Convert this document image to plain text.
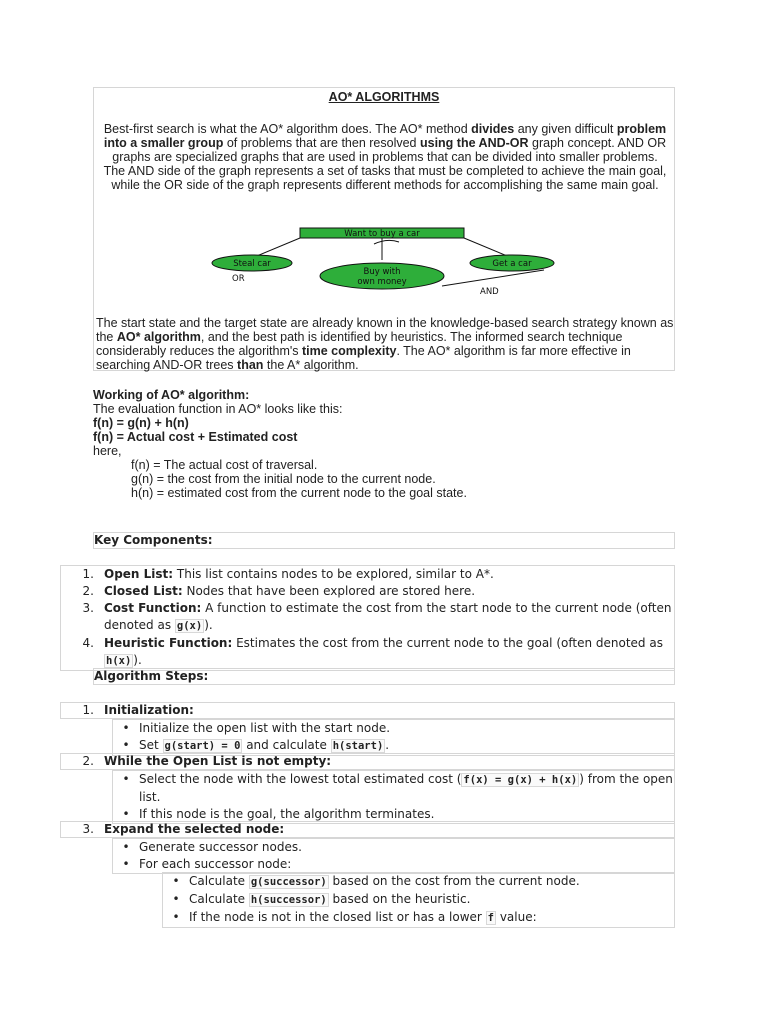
AO* ALGORITHMS
Best-first search is what the AO* algorithm does. The AO* method divides any given difficult problem into a smaller group of problems that are then resolved using the AND-OR graph concept. AND OR graphs are specialized graphs that are used in problems that can be divided into smaller problems. The AND side of the graph represents a set of tasks that must be completed to achieve the main goal, while the OR side of the graph represents different methods for accomplishing the same main goal.
Want to buy a car
Steal car
Buy with
own money
Get a car
OR
AND
The start state and the target state are already known in the knowledge-based search strategy known as the AO* algorithm, and the best path is identified by heuristics. The informed search technique considerably reduces the algorithm's time complexity. The AO* algorithm is far more effective in searching AND-OR trees than the A* algorithm.
Working of AO* algorithm:
The evaluation function in AO* looks like this:
f(n) = g(n) + h(n)
f(n) = Actual cost + Estimated cost
here,
f(n) = The actual cost of traversal.
g(n) = the cost from the initial node to the current node.
h(n) = estimated cost from the current node to the goal state.
Key Components:
1. Open List: This list contains nodes to be explored, similar to A*.
2. Closed List: Nodes that have been explored are stored here.
3. Cost Function: A function to estimate the cost from the start node to the current node (often denoted as g(x) ).
4. Heuristic Function: Estimates the cost from the current node to the goal (often denoted as h(x) ).
Algorithm Steps:
1. Initialization:
• Initialize the open list with the start node.
• Set g(start) = 0 and calculate h(start) .
2. While the Open List is not empty:
• Select the node with the lowest total estimated cost ( f(x) = g(x) + h(x) ) from the open list.
• If this node is the goal, the algorithm terminates.
3. Expand the selected node:
• Generate successor nodes.
• For each successor node:
• Calculate g(successor) based on the cost from the current node.
• Calculate h(successor) based on the heuristic.
• If the node is not in the closed list or has a lower f value:
